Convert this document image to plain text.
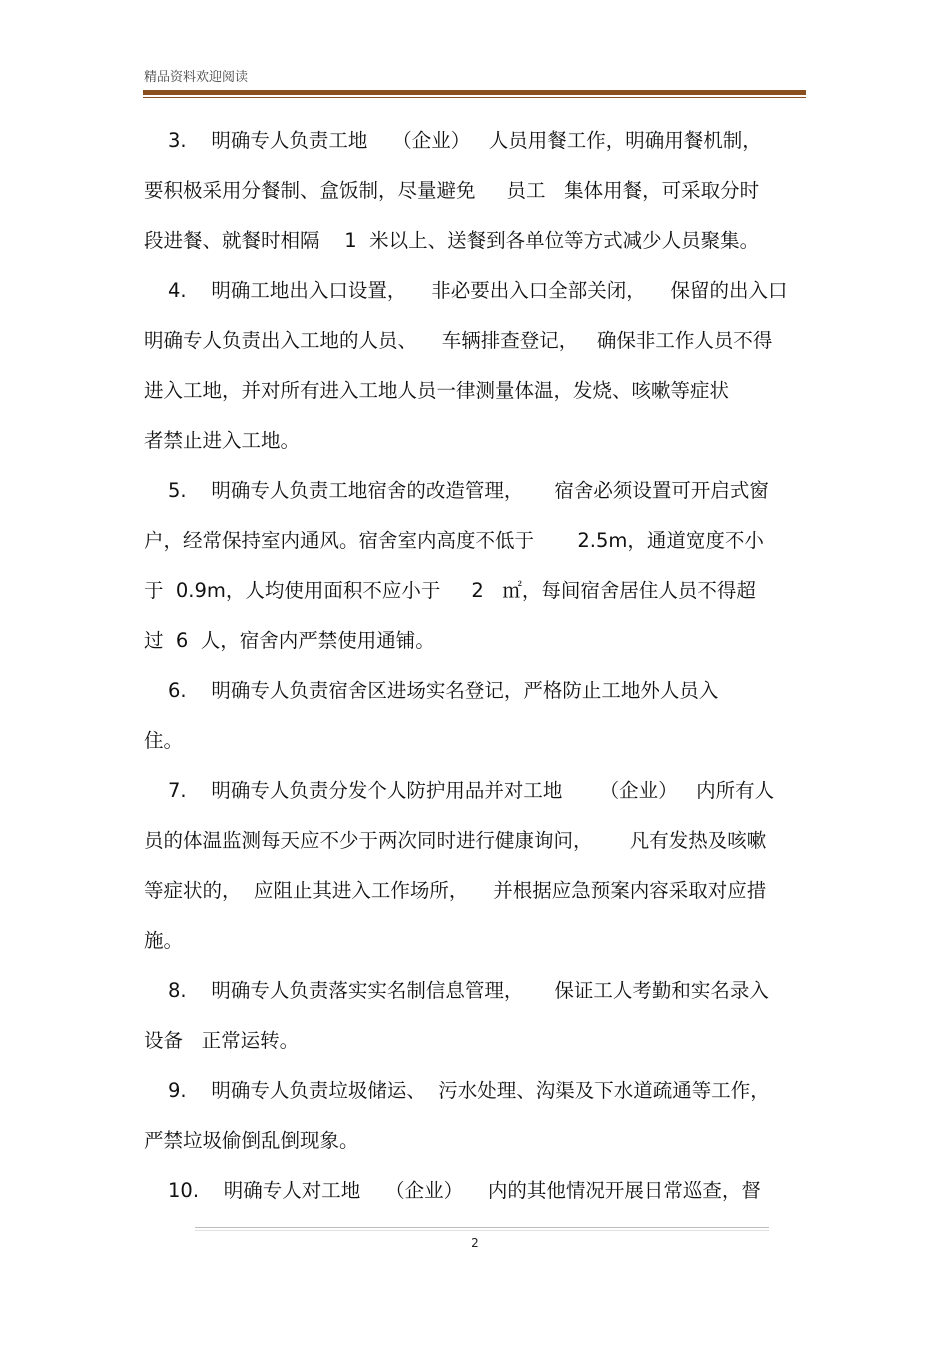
精品资料欢迎阅读
3.    明确专人负责工地    （企业）   人员用餐工作，明确用餐机制，
要积极采用分餐制、盒饭制，尽量避免     员工   集体用餐，可采取分时
段进餐、就餐时相隔    1  米以上、送餐到各单位等方式减少人员聚集。
4.    明确工地出入口设置，    非必要出入口全部关闭，    保留的出入口
明确专人负责出入工地的人员、    车辆排查登记，   确保非工作人员不得
进入工地，并对所有进入工地人员一律测量体温，发烧、咳嗽等症状
者禁止进入工地。
5.    明确专人负责工地宿舍的改造管理，     宿舍必须设置可开启式窗
户，经常保持室内通风。宿舍室内高度不低于       2.5m，通道宽度不小
于  0.9m，人均使用面积不应小于     2   ㎡，每间宿舍居住人员不得超
过  6  人，宿舍内严禁使用通铺。
6.    明确专人负责宿舍区进场实名登记，严格防止工地外人员入
住。
7.    明确专人负责分发个人防护用品并对工地      （企业）   内所有人
员的体温监测每天应不少于两次同时进行健康询问，      凡有发热及咳嗽
等症状的，  应阻止其进入工作场所，    并根据应急预案内容采取对应措
施。
8.    明确专人负责落实实名制信息管理，     保证工人考勤和实名录入
设备   正常运转。
9.    明确专人负责垃圾储运、  污水处理、沟渠及下水道疏通等工作，
严禁垃圾偷倒乱倒现象。
10.    明确专人对工地    （企业）    内的其他情况开展日常巡查，督
2
